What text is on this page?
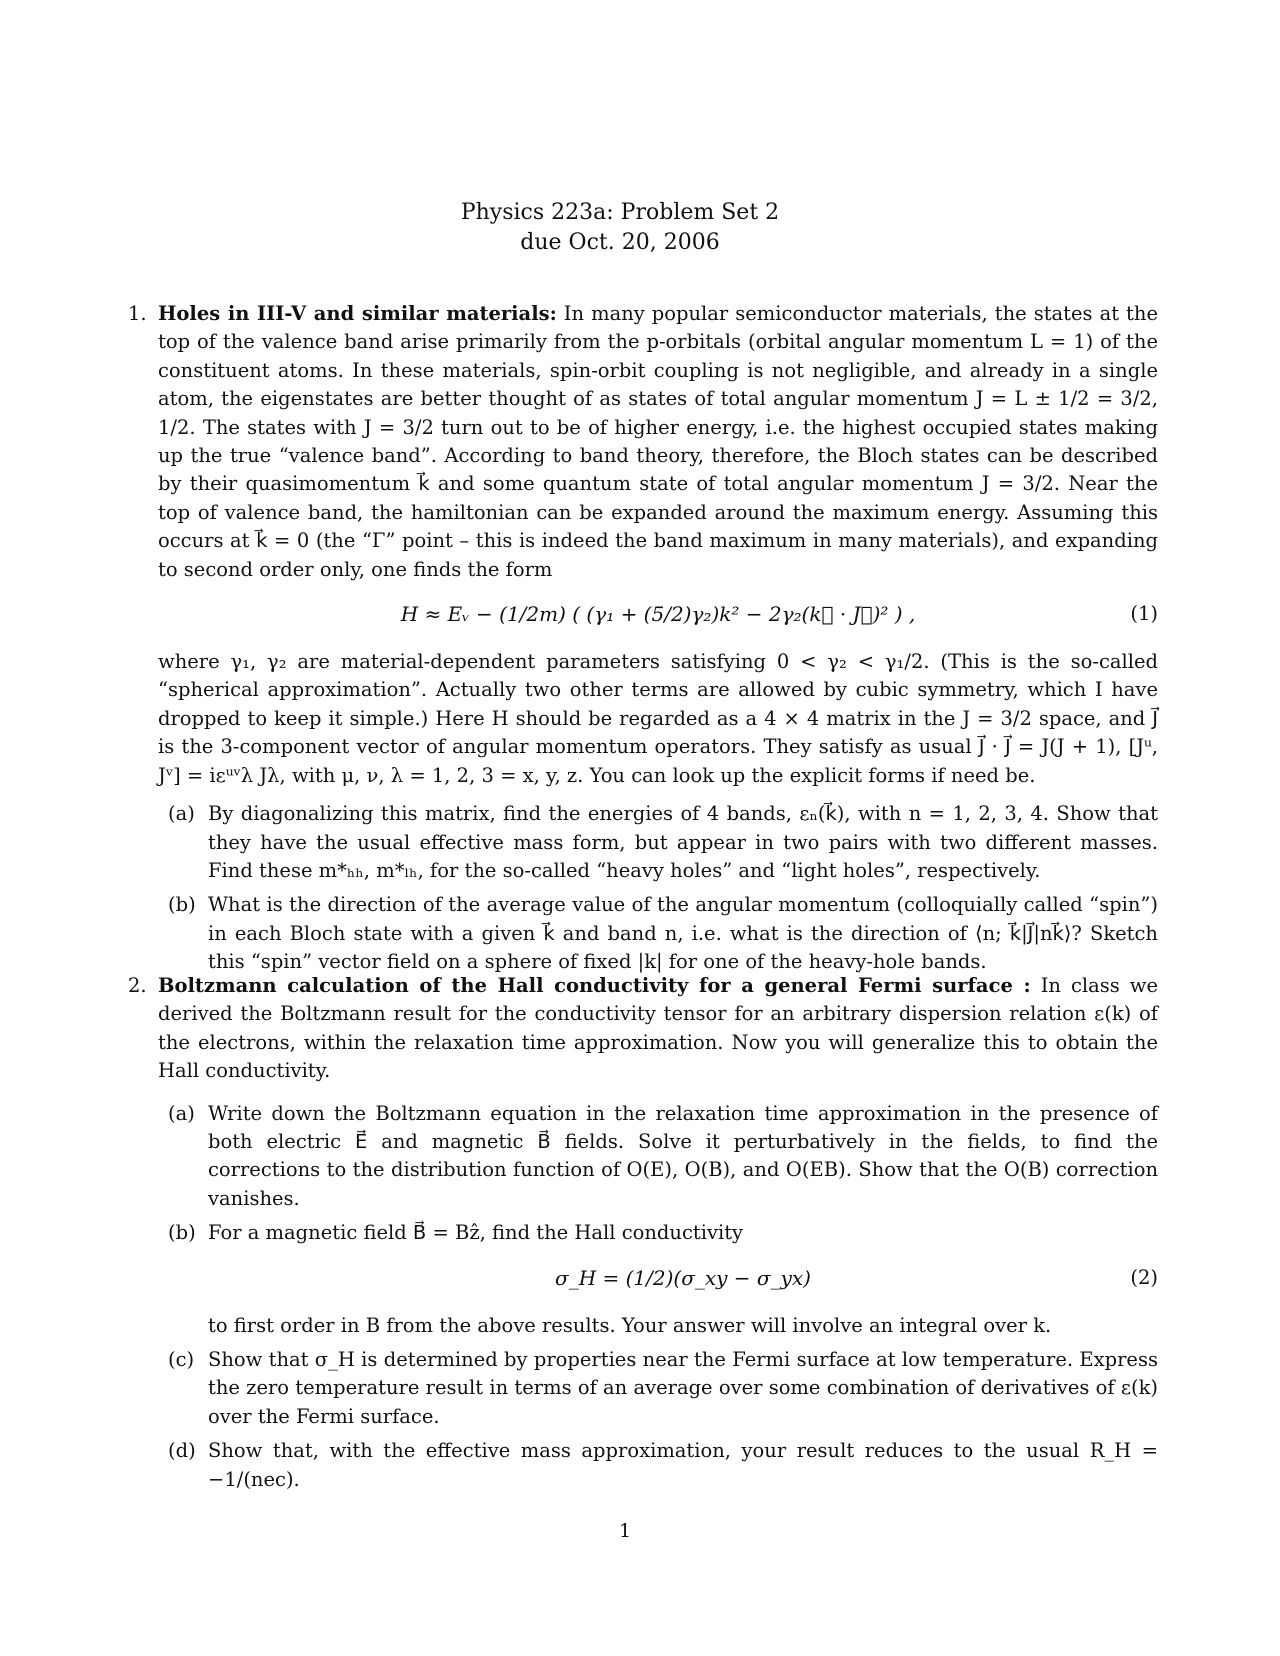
Physics 223a: Problem Set 2
due Oct. 20, 2006
1. Holes in III-V and similar materials: In many popular semiconductor materials, the states at the top of the valence band arise primarily from the p-orbitals (orbital angular momentum L = 1) of the constituent atoms. In these materials, spin-orbit coupling is not negligible, and already in a single atom, the eigenstates are better thought of as states of total angular momentum J = L ± 1/2 = 3/2, 1/2. The states with J = 3/2 turn out to be of higher energy, i.e. the highest occupied states making up the true “valence band”. According to band theory, therefore, the Bloch states can be described by their quasimomentum k⃗ and some quantum state of total angular momentum J = 3/2. Near the top of valence band, the hamiltonian can be expanded around the maximum energy. Assuming this occurs at k⃗ = 0 (the “Γ” point – this is indeed the band maximum in many materials), and expanding to second order only, one finds the form
H ≈ Eᵥ − (1/2m) ( (γ₁ + (5/2)γ₂)k² − 2γ₂(k⃗ · J⃗)² ) ,	(1)
where γ₁, γ₂ are material-dependent parameters satisfying 0 < γ₂ < γ₁/2. (This is the so-called “spherical approximation”. Actually two other terms are allowed by cubic symmetry, which I have dropped to keep it simple.) Here H should be regarded as a 4 × 4 matrix in the J = 3/2 space, and J⃗ is the 3-component vector of angular momentum operators. They satisfy as usual J⃗ · J⃗ = J(J + 1), [Jᵘ, Jᵛ] = iεᵘᵛλ Jλ, with μ, ν, λ = 1, 2, 3 = x, y, z. You can look up the explicit forms if need be.
(a) By diagonalizing this matrix, find the energies of 4 bands, εₙ(k⃗), with n = 1, 2, 3, 4. Show that they have the usual effective mass form, but appear in two pairs with two different masses. Find these m*ₕₕ, m*ₗₕ, for the so-called “heavy holes” and “light holes”, respectively.
(b) What is the direction of the average value of the angular momentum (colloquially called “spin”) in each Bloch state with a given k⃗ and band n, i.e. what is the direction of ⟨n; k⃗|J⃗|nk⃗⟩? Sketch this “spin” vector field on a sphere of fixed |k| for one of the heavy-hole bands.
2. Boltzmann calculation of the Hall conductivity for a general Fermi surface : In class we derived the Boltzmann result for the conductivity tensor for an arbitrary dispersion relation ε(k) of the electrons, within the relaxation time approximation. Now you will generalize this to obtain the Hall conductivity.
(a) Write down the Boltzmann equation in the relaxation time approximation in the presence of both electric E⃗ and magnetic B⃗ fields. Solve it perturbatively in the fields, to find the corrections to the distribution function of O(E), O(B), and O(EB). Show that the O(B) correction vanishes.
(b) For a magnetic field B⃗ = Bẑ, find the Hall conductivity
σ_H = (1/2)(σ_xy − σ_yx)	(2)
to first order in B from the above results. Your answer will involve an integral over k.
(c) Show that σ_H is determined by properties near the Fermi surface at low temperature. Express the zero temperature result in terms of an average over some combination of derivatives of ε(k) over the Fermi surface.
(d) Show that, with the effective mass approximation, your result reduces to the usual R_H = −1/(nec).
1
